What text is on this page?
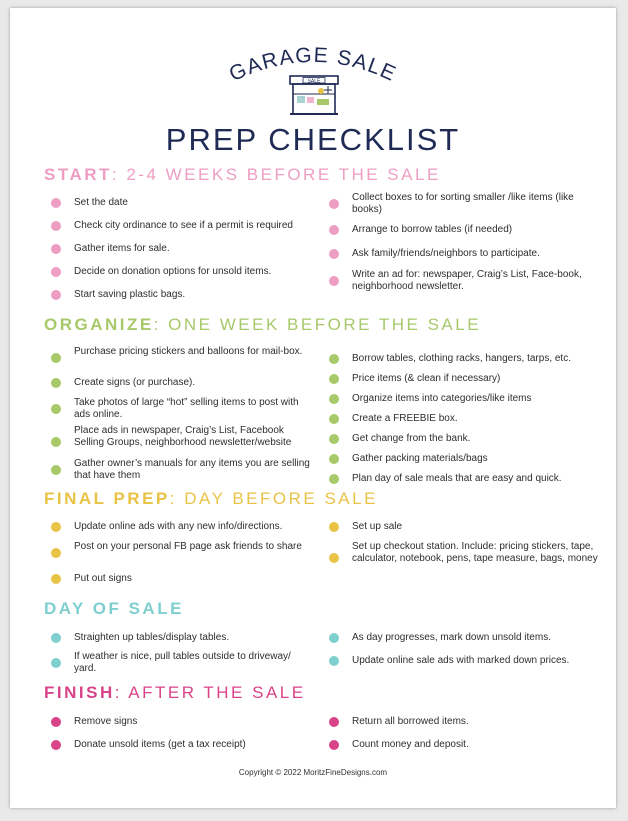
GARAGE SALE
SALE
PREP CHECKLIST
START: 2-4 WEEKS BEFORE THE SALE
Set the date
Check city ordinance to see if a permit is required
Gather items for sale.
Decide on donation options for unsold items.
Start saving plastic bags.
Collect boxes to for sorting smaller /like items (like books)
Arrange to borrow tables (if needed)
Ask family/friends/neighbors to participate.
Write an ad for: newspaper, Craig’s List, Face-book, neighborhood newsletter.
ORGANIZE: ONE WEEK BEFORE THE SALE
Purchase pricing stickers and balloons for mail-box.
Create signs (or purchase).
Take photos of large “hot” selling items to post with ads online.
Place ads in newspaper, Craig’s List, Facebook Selling Groups, neighborhood newsletter/website
Gather owner’s manuals for any items you are selling that have them
Borrow tables, clothing racks, hangers, tarps, etc.
Price items (& clean if necessary)
Organize items into categories/like items
Create a FREEBIE box.
Get change from the bank.
Gather packing materials/bags
Plan day of sale meals that are easy and quick.
FINAL PREP: DAY BEFORE SALE
Update online ads with any new info/directions.
Post on your personal FB page ask friends to share
Put out signs
Set up sale
Set up checkout station. Include: pricing stickers, tape, calculator, notebook, pens, tape measure, bags, money
DAY OF SALE
Straighten up tables/display tables.
If weather is nice, pull tables outside to driveway/ yard.
As day progresses, mark down unsold items.
Update online sale ads with marked down prices.
FINISH: AFTER THE SALE
Remove signs
Donate unsold items (get a tax receipt)
Return all borrowed items.
Count money and deposit.
Copyright © 2022 MoritzFineDesigns.com
